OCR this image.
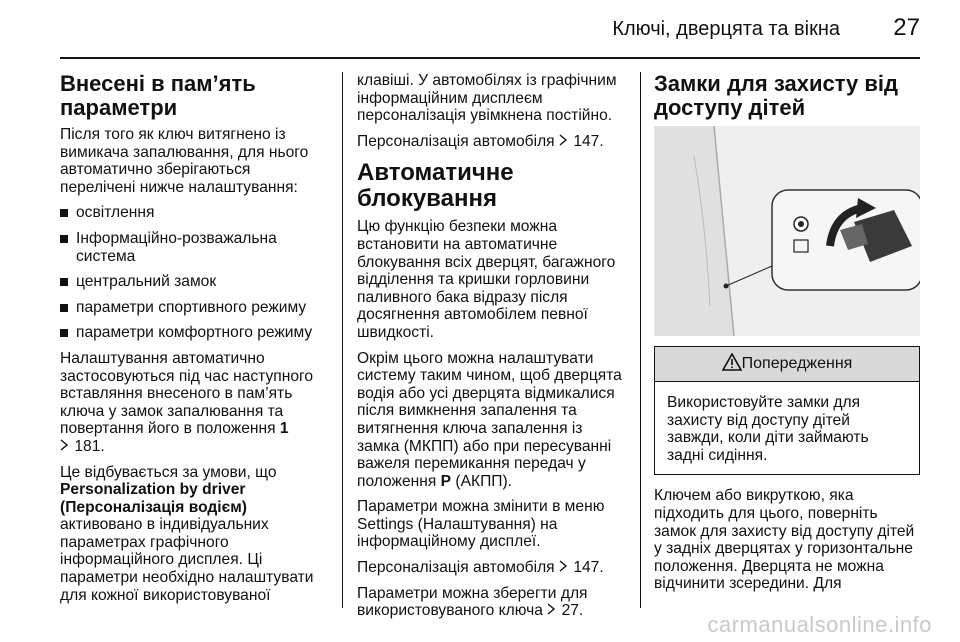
Ключі, дверцята та вікна 27
Внесені в пам’ять параметри

Після того як ключ витягнено із вимикача запалювання, для нього автоматично зберігаються перелічені нижче налаштування:

освітлення
Інформаційно-розважальна система
центральний замок
параметри спортивного режиму
параметри комфортного режиму

Налаштування автоматично застосовуються під час наступного вставляння внесеного в пам’ять ключа у замок запалювання та повертання його в положення 1
181.

Це відбувається за умови, що Personalization by driver (Персоналізація водієм) активовано в індивідуальних параметрах графічного інформаційного дисплея. Ці параметри необхідно налаштувати для кожної використовуваної

клавіші. У автомобілях із графічним інформаційним дисплеєм персоналізація увімкнена постійно.

Персоналізація автомобіля  147.

Автоматичне блокування

Цю функцію безпеки можна встановити на автоматичне блокування всіх дверцят, багажного відділення та кришки горловини паливного бака відразу після досягнення автомобілем певної швидкості.

Окрім цього можна налаштувати систему таким чином, щоб дверцята водія або усі дверцята відмикалися після вимкнення запалення та витягнення ключа запалення із замка (МКПП) або при пересуванні важеля перемикання передач у положення P (АКПП).

Параметри можна змінити в меню Settings (Налаштування) на інформаційному дисплеї.

Персоналізація автомобіля  147.

Параметри можна зберегти для використовуваного ключа  27.

Замки для захисту від доступу дітей
Попередження
Використовуйте замки для захисту від доступу дітей завжди, коли діти займають задні сидіння.

Ключем або викруткою, яка підходить для цього, поверніть замок для захисту від доступу дітей у задніх дверцятах у горизонтальне положення. Дверцята не можна відчинити зсередини. Для

carmanualsonline.info
